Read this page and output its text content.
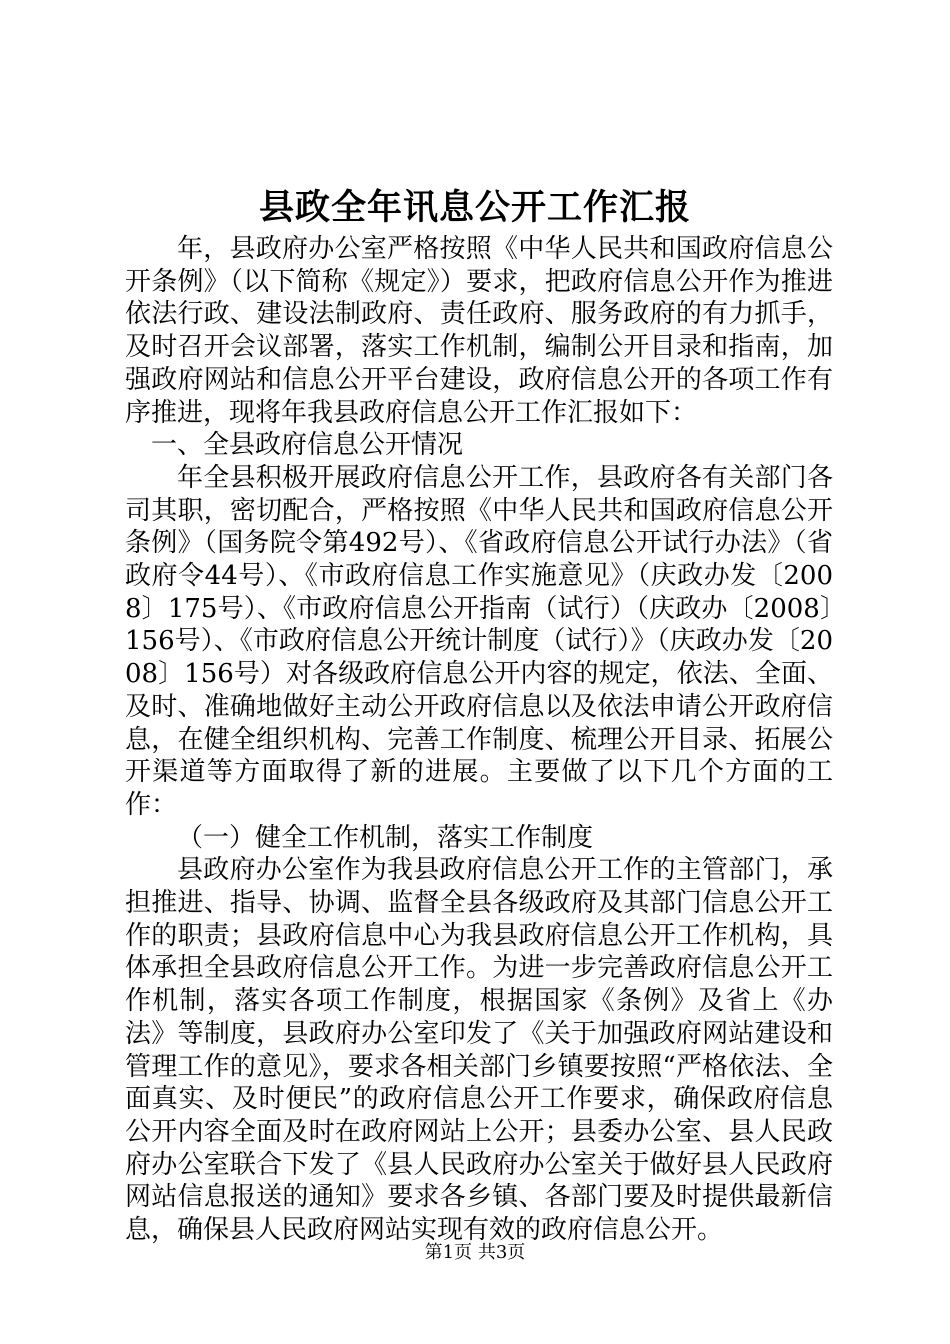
县政全年讯息公开工作汇报

年，县政府办公室严格按照《中华人民共和国政府信息公开条例》（以下简称《规定》）要求，把政府信息公开作为推进依法行政、建设法制政府、责任政府、服务政府的有力抓手，及时召开会议部署，落实工作机制，编制公开目录和指南，加强政府网站和信息公开平台建设，政府信息公开的各项工作有序推进，现将年我县政府信息公开工作汇报如下：

一、全县政府信息公开情况

年全县积极开展政府信息公开工作，县政府各有关部门各司其职，密切配合，严格按照《中华人民共和国政府信息公开条例》（国务院令第492号）、《省政府信息公开试行办法》（省政府令44号）、《市政府信息工作实施意见》（庆政办发〔2008〕175号）、《市政府信息公开指南（试行）（庆政办〔2008〕156号）、《市政府信息公开统计制度（试行）》（庆政办发〔2008〕156号）对各级政府信息公开内容的规定，依法、全面、及时、准确地做好主动公开政府信息以及依法申请公开政府信息，在健全组织机构、完善工作制度、梳理公开目录、拓展公开渠道等方面取得了新的进展。主要做了以下几个方面的工作：

（一）健全工作机制，落实工作制度

县政府办公室作为我县政府信息公开工作的主管部门，承担推进、指导、协调、监督全县各级政府及其部门信息公开工作的职责；县政府信息中心为我县政府信息公开工作机构，具体承担全县政府信息公开工作。为进一步完善政府信息公开工作机制，落实各项工作制度，根据国家《条例》及省上《办法》等制度，县政府办公室印发了《关于加强政府网站建设和管理工作的意见》，要求各相关部门乡镇要按照“严格依法、全面真实、及时便民”的政府信息公开工作要求，确保政府信息公开内容全面及时在政府网站上公开；县委办公室、县人民政府办公室联合下发了《县人民政府办公室关于做好县人民政府网站信息报送的通知》要求各乡镇、各部门要及时提供最新信息，确保县人民政府网站实现有效的政府信息公开。

第1页 共3页
